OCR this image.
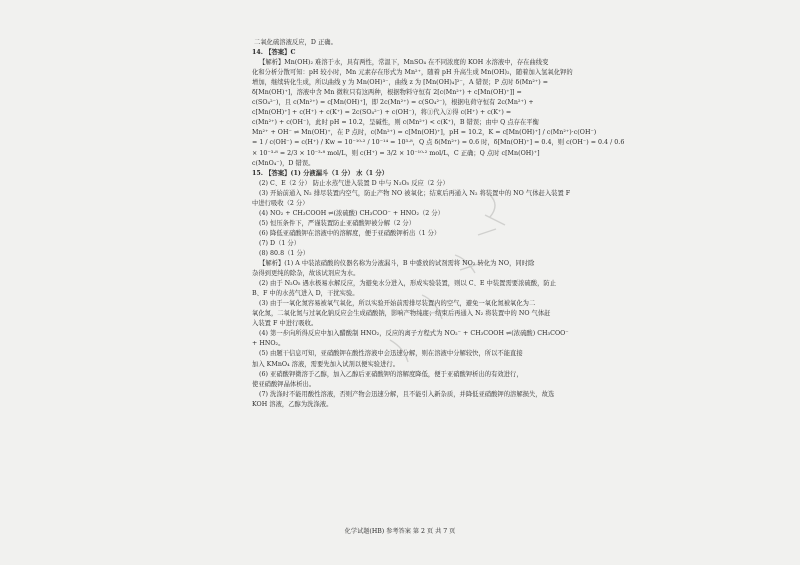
二氧化硫溶液反应，D 正确。
14. 【答案】C
【解析】Mn(OH)₂ 难溶于水，具有两性，常温下，MnSO₄ 在不同浓度的 KOH 水溶液中，存在曲线变
化和分析分散可知：pH 较小时，Mn 元素存在形式为 Mn²⁺，随着 pH 升高生成 Mn(OH)₂，随着加入氢氧化钾的
增加，继续转化生成，所以曲线 y 为 Mn(OH)³⁻，曲线 z 为 [Mn(OH)₄]²⁻，A 错误；P 点时 δ(Mn²⁺) =
δ[Mn(OH)⁺]，溶液中含 Mn 微粒只有这两种，根据物料守恒有 2[c(Mn²⁺) + c[Mn(OH)⁺]] =
c(SO₄²⁻)，且 c(Mn²⁺) = c[Mn(OH)⁺]，即 2c(Mn²⁺) = c(SO₄²⁻)，根据电荷守恒有 2c(Mn²⁺) +
c[Mn(OH)⁺] + c(H⁺) + c(K⁺) = 2c(SO₄²⁻) + c(OH⁻)，将①代入②得 c(H⁺) + c(K⁺) =
c(Mn²⁺) + c(OH⁻)，此时 pH = 10.2，呈碱性，则 c(Mn²⁺) < c(K⁺)，B 错误；由中 Q 点存在平衡
Mn²⁺ + OH⁻ ⇌ Mn(OH)⁺，在 P 点时，c(Mn²⁺) = c[Mn(OH)⁺]，pH = 10.2，K = c[Mn(OH)⁺] / c(Mn²⁺)·c(OH⁻)
= 1 / c(OH⁻) = c(H⁺) / Kw = 10⁻¹⁰·² / 10⁻¹⁴ = 10³·⁸，Q 点 δ(Mn²⁺) = 0.6 时，δ[Mn(OH)⁺] = 0.4，则 c(OH⁻) = 0.4 / 0.6
× 10⁻³·⁸ = 2/3 × 10⁻³·⁸ mol/L，则 c(H⁺) = 3/2 × 10⁻¹⁰·² mol/L，C 正确；Q 点时 c[Mn(OH)⁺]
c(MnO₄⁻)，D 错误。
15. 【答案】(1) 分液漏斗（1 分） 水（1 分）
(2) C、E（2 分） 防止水蒸气进入装置 D 中与 N₂O₅ 反应（2 分）
(3) 开始前通入 N₂ 排尽装置内空气，防止产物 NO 被氧化；结束后再通入 N₂ 将装置中的 NO 气体赶入装置 F
中进行吸收（2 分）
(4) NO₂ + CH₃COOH ⇌(浓硫酸) CH₃COO⁻ + HNO₂（2 分）
(5) 恒压条件下，严谨装置防止亚硝酸钾被分解（2 分）
(6) 降低亚硝酸钾在溶液中的溶解度，便于亚硝酸钾析出（1 分）
(7) D（1 分）
(8) 80.8（1 分）
【解析】(1) A 中装浓硝酸的仪器名称为分液漏斗，B 中盛放的试剂需将 NO₂ 转化为 NO，同时除
杂得到更纯的除杂，故该试剂应为水。
(2) 由于 N₂O₅ 遇水极易水解反应，为避免水分进入，形成实验装置，则以 C、E 中装置需要浓硫酸，防止
B、F 中的水蒸气进入 D，干扰实验。
(3) 由于一氧化氮容易被氧气氧化，所以实验开始前需排尽装置内的空气，避免一氧化氮被氧化为二
氧化氮，二氧化氮与过氧化钠反应会生成硝酸钠，影响产物纯度；结束后再通入 N₂ 将装置中的 NO 气体赶
入装置 F 中进行吸收。
(4) 第一步向所得反应中加入醋酸制 HNO₂，反应的离子方程式为 NO₂⁻ + CH₃COOH ⇌(浓硫酸) CH₃COO⁻
+ HNO₂。
(5) 由题干信息可知，亚硝酸钾在酸性溶液中会迅速分解，则在溶液中分解较快，所以不能直接
加入 KMnO₄ 溶液，需要先加入试剂以便实验进行。
(6) 亚硝酸钾微溶于乙醇，加入乙醇后亚硝酸钾的溶解度降低，便于亚硝酸钾析出的有效进行，
使亚硝酸钾晶体析出。
(7) 洗涤时不能用酸性溶液，否则产物会迅速分解，且不能引入新杂质，并降低亚硝酸钾的溶解损失，故选
KOH 溶液，乙醇为洗涤液。
化学试题(HB) 参考答案 第 2 页 共 7 页
